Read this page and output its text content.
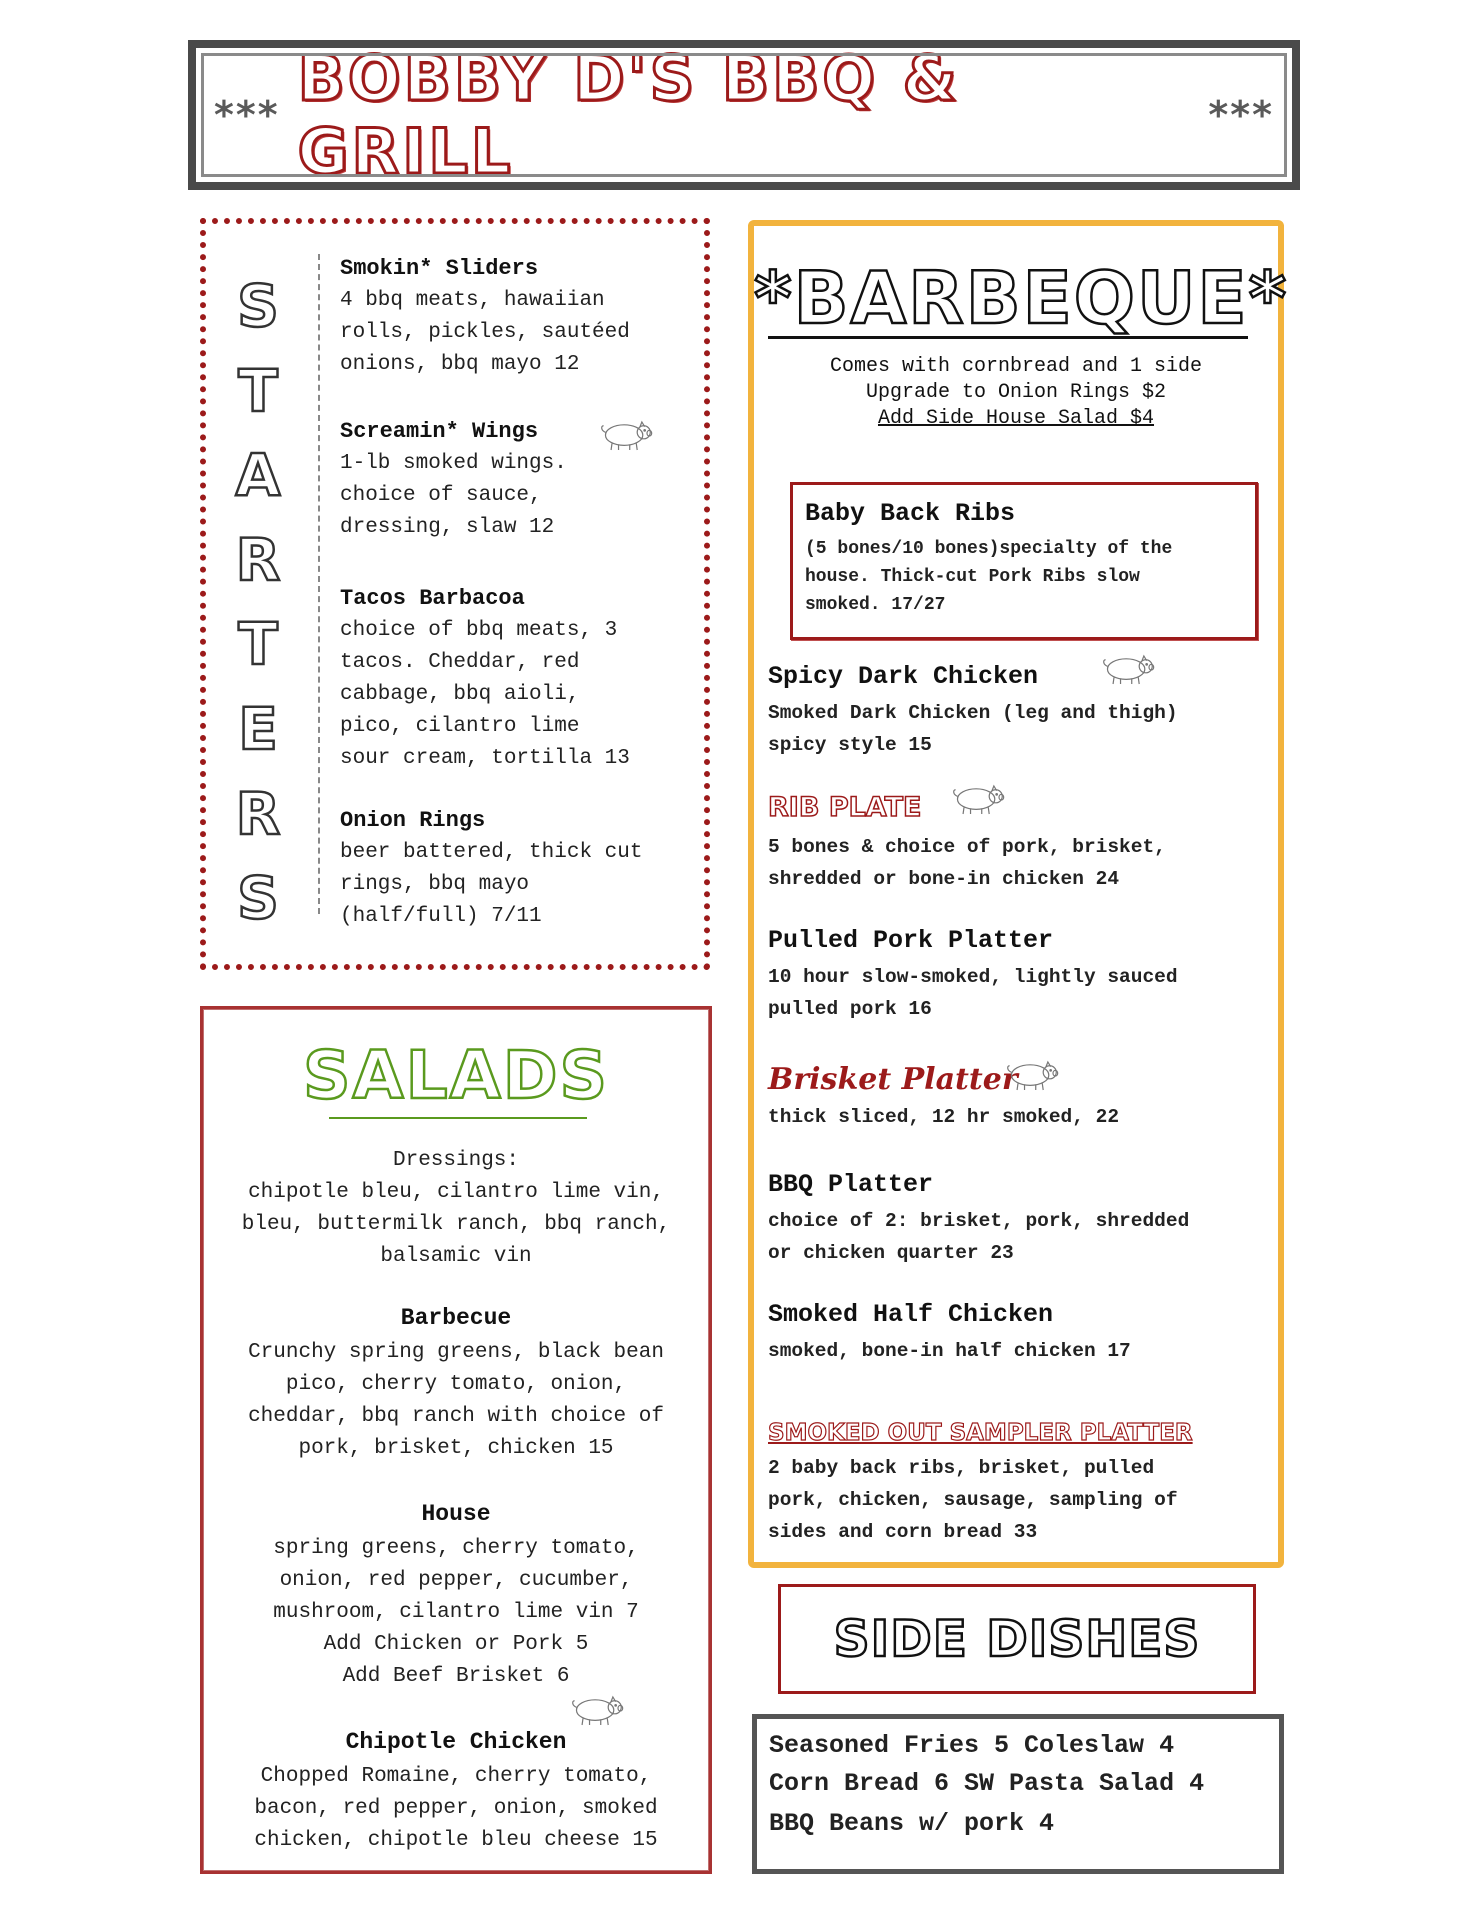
*** BOBBY D'S BBQ & GRILL	***
S
T
A
R
T
E
R
S

Smokin* Sliders

4 bbq meats, hawaiian

rolls, pickles, sautéed

onions, bbq mayo 12

Screamin* Wings

1-lb smoked wings.

choice of sauce,

dressing, slaw 12

Tacos Barbacoa

choice of bbq meats, 3

tacos. Cheddar, red

cabbage, bbq aioli,

pico, cilantro lime

sour cream, tortilla 13

Onion Rings

beer battered, thick cut

rings, bbq mayo

(half/full) 7/11

SALADS

Dressings:

chipotle bleu, cilantro lime vin,

bleu, buttermilk ranch, bbq ranch,

balsamic vin

Barbecue

Crunchy spring greens, black bean

pico, cherry tomato, onion,

cheddar, bbq ranch with choice of

pork, brisket, chicken 15

House

spring greens, cherry tomato,

onion, red pepper, cucumber,

mushroom, cilantro lime vin 7

Add Chicken or Pork 5

Add Beef Brisket 6

Chipotle Chicken

Chopped Romaine, cherry tomato,

bacon, red pepper, onion, smoked

chicken, chipotle bleu cheese 15

*BARBEQUE*
Comes with cornbread and 1 side
Upgrade to Onion Rings $2
Add Side House Salad $4

Baby Back Ribs

(5 bones/10 bones)specialty of the
house. Thick-cut Pork Ribs slow
smoked. 17/27

Spicy Dark Chicken

Smoked Dark Chicken (leg and thigh)

spicy style 15

RIB PLATE

5 bones & choice of pork, brisket,

shredded or bone-in chicken 24

Pulled Pork Platter

10 hour slow-smoked, lightly sauced

pulled pork 16

Brisket Platter

thick sliced, 12 hr smoked, 22

BBQ Platter

choice of 2: brisket, pork, shredded

or chicken quarter 23

Smoked Half Chicken

smoked, bone-in half chicken 17

SMOKED OUT SAMPLER PLATTER

2 baby back ribs, brisket, pulled

pork, chicken, sausage, sampling of

sides and corn bread 33

SIDE DISHES
Seasoned Fries 5 Coleslaw 4
Corn Bread 6 SW Pasta Salad 4
BBQ Beans w/ pork 4
